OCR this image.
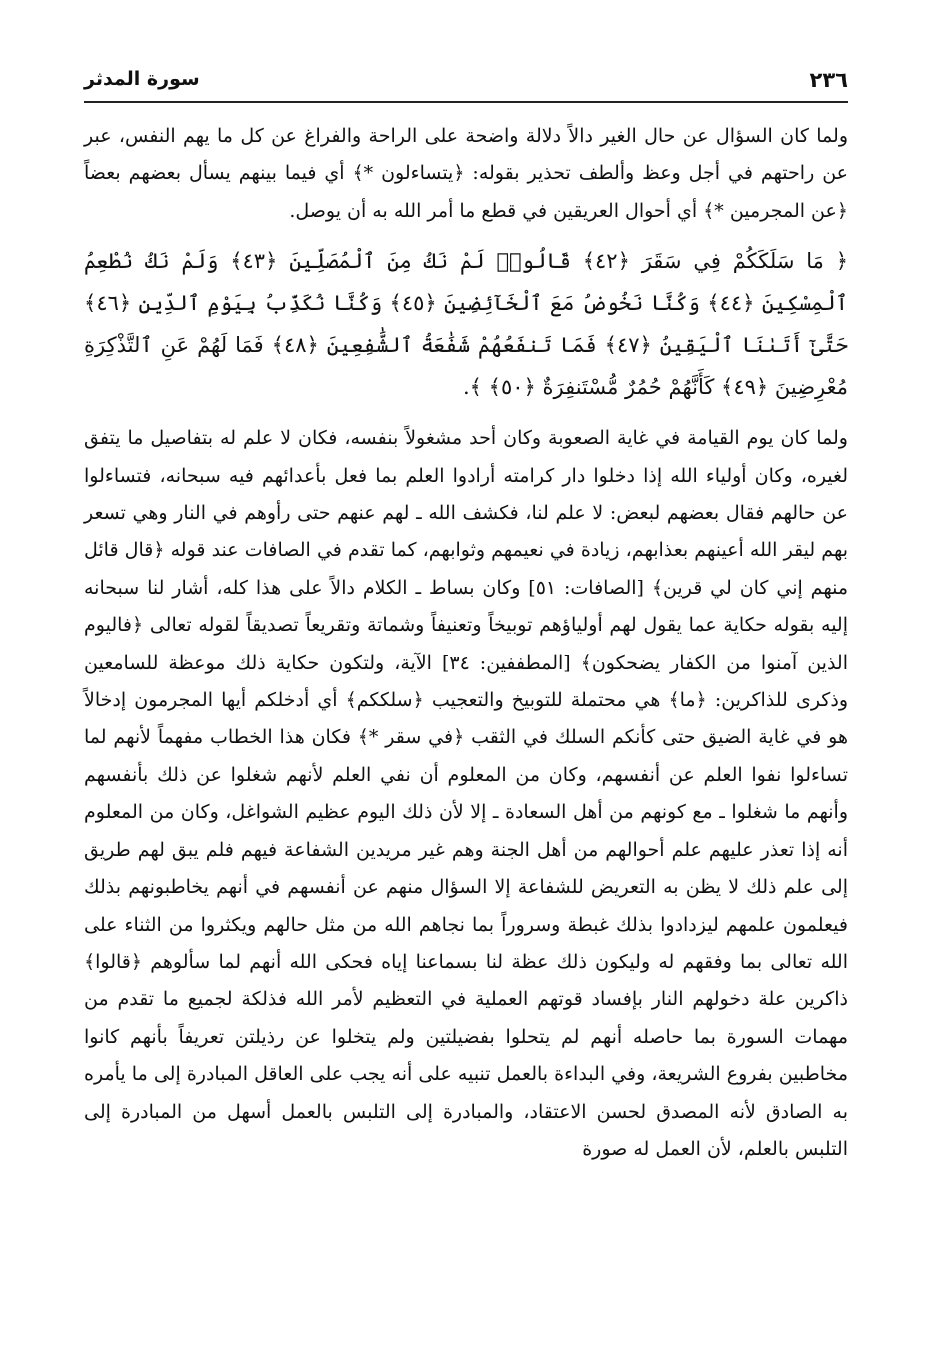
٢٣٦
سورة المدثر

ولما كان السؤال عن حال الغير دالاً دلالة واضحة على الراحة والفراغ عن كل ما يهم النفس، عبر عن راحتهم في أجل وعظ وألطف تحذير بقوله: ﴿يتساءلون *﴾ أي فيما بينهم يسأل بعضهم بعضاً ﴿عن المجرمين *﴾ أي أحوال العريقين في قطع ما أمر الله به أن يوصل.

﴿ مَا سَلَكَكُمْ فِي سَقَرَ ﴿٤٢﴾ قَالُوا۟ لَمْ نَكُ مِنَ ٱلْمُصَلِّينَ ﴿٤٣﴾ وَلَمْ نَكُ نُطْعِمُ ٱلْمِسْكِينَ ﴿٤٤﴾ وَكُنَّا نَخُوضُ مَعَ ٱلْخَآئِضِينَ ﴿٤٥﴾ وَكُنَّا نُكَذِّبُ بِيَوْمِ ٱلدِّينِ ﴿٤٦﴾ حَتَّىٰٓ أَتَىٰنَا ٱلْيَقِينُ ﴿٤٧﴾ فَمَا تَنفَعُهُمْ شَفَٰعَةُ ٱلشَّٰفِعِينَ ﴿٤٨﴾ فَمَا لَهُمْ عَنِ ٱلتَّذْكِرَةِ مُعْرِضِينَ ﴿٤٩﴾ كَأَنَّهُمْ حُمُرٌ مُّسْتَنفِرَةٌ ﴿٥٠﴾ ﴾.

ولما كان يوم القيامة في غاية الصعوبة وكان أحد مشغولاً بنفسه، فكان لا علم له بتفاصيل ما يتفق لغيره، وكان أولياء الله إذا دخلوا دار كرامته أرادوا العلم بما فعل بأعدائهم فيه سبحانه، فتساءلوا عن حالهم فقال بعضهم لبعض: لا علم لنا، فكشف الله ـ لهم عنهم حتى رأوهم في النار وهي تسعر بهم ليقر الله أعينهم بعذابهم، زيادة في نعيمهم وثوابهم، كما تقدم في الصافات عند قوله ﴿قال قائل منهم إني كان لي قرين﴾ [الصافات: ٥١] وكان بساط ـ الكلام دالاً على هذا كله، أشار لنا سبحانه إليه بقوله حكاية عما يقول لهم أولياؤهم توبيخاً وتعنيفاً وشماتة وتقريعاً تصديقاً لقوله تعالى ﴿فاليوم الذين آمنوا من الكفار يضحكون﴾ [المطففين: ٣٤] الآية، ولتكون حكاية ذلك موعظة للسامعين وذكرى للذاكرين: ﴿ما﴾ هي محتملة للتوبيخ والتعجيب ﴿سلككم﴾ أي أدخلكم أيها المجرمون إدخالاً هو في غاية الضيق حتى كأنكم السلك في الثقب ﴿في سقر *﴾ فكان هذا الخطاب مفهماً لأنهم لما تساءلوا نفوا العلم عن أنفسهم، وكان من المعلوم أن نفي العلم لأنهم شغلوا عن ذلك بأنفسهم وأنهم ما شغلوا ـ مع كونهم من أهل السعادة ـ إلا لأن ذلك اليوم عظيم الشواغل، وكان من المعلوم أنه إذا تعذر عليهم علم أحوالهم من أهل الجنة وهم غير مريدين الشفاعة فيهم فلم يبق لهم طريق إلى علم ذلك لا يظن به التعريض للشفاعة إلا السؤال منهم عن أنفسهم في أنهم يخاطبونهم بذلك فيعلمون علمهم ليزدادوا بذلك غبطة وسروراً بما نجاهم الله من مثل حالهم ويكثروا من الثناء على الله تعالى بما وفقهم له وليكون ذلك عظة لنا بسماعنا إياه فحكى الله أنهم لما سألوهم ﴿قالوا﴾ ذاكرين علة دخولهم النار بإفساد قوتهم العملية في التعظيم لأمر الله فذلكة لجميع ما تقدم من مهمات السورة بما حاصله أنهم لم يتحلوا بفضيلتين ولم يتخلوا عن رذيلتن تعريفاً بأنهم كانوا مخاطبين بفروع الشريعة، وفي البداءة بالعمل تنبيه على أنه يجب على العاقل المبادرة إلى ما يأمره به الصادق لأنه المصدق لحسن الاعتقاد، والمبادرة إلى التلبس بالعمل أسهل من المبادرة إلى التلبس بالعلم، لأن العمل له صورة
